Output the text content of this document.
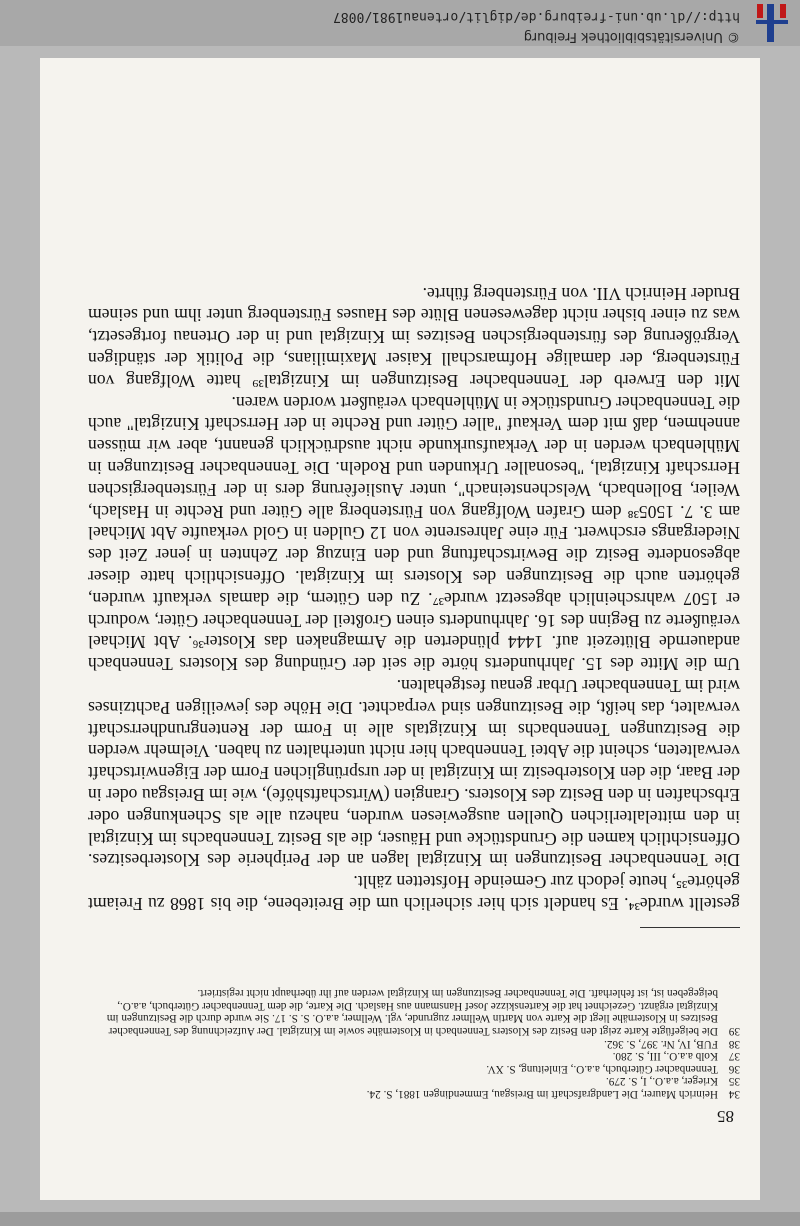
gestellt wurde³⁴. Es handelt sich hier sicherlich um die Breitebene, die bis 1868 zu Freiamt gehörte³⁵, heute jedoch zur Gemeinde Hofstetten zählt.

Die Tennenbacher Besitzungen im Kinzigtal lagen an der Peripherie des Klosterbesitzes. Offensichtlich kamen die Grundstücke und Häuser, die als Besitz Tennenbachs im Kinzigtal in den mittelalterlichen Quellen ausgewiesen wurden, nahezu alle als Schenkungen oder Erbschaften in den Besitz des Klosters. Grangien (Wirtschaftshöfe), wie im Breisgau oder in der Baar, die den Klosterbesitz im Kinzigtal in der ursprünglichen Form der Eigenwirtschaft verwalteten, scheint die Abtei Tennenbach hier nicht unterhalten zu haben. Vielmehr werden die Besitzungen Tennenbachs im Kinzigtals alle in Form der Rentengrundherrschaft verwaltet, das heißt, die Besitzungen sind verpachtet. Die Höhe des jeweiligen Pachtzinses wird im Tennenbacher Urbar genau festgehalten.

Um die Mitte des 15. Jahrhunderts hörte die seit der Gründung des Klosters Tennenbach andauernde Blütezeit auf. 1444 plünderten die Armagnaken das Kloster³⁶. Abt Michael veräußerte zu Beginn des 16. Jahrhunderts einen Großteil der Tennenbacher Güter, wodurch er 1507 wahrscheinlich abgesetzt wurde³⁷. Zu den Gütern, die damals verkauft wurden, gehörten auch die Besitzungen des Klosters im Kinzigtal. Offensichtlich hatte dieser abgesonderte Besitz die Bewirtschaftung und den Einzug der Zehnten in jener Zeit des Niedergangs erschwert. Für eine Jahresrente von 12 Gulden in Gold verkaufte Abt Michael am 3. 7. 1505³⁸ dem Grafen Wolfgang von Fürstenberg alle Güter und Rechte in Haslach, Weiler, Bollenbach, Welschensteinach", unter Ausliefèrung ders in der Fürstenbergischen Herrschaft Kinzigtal, "besonaller Urkunden und Rodeln. Die Tennenbacher Besitzungen in Mühlenbach werden in der Verkaufsurkunde nicht ausdrücklich genannt, aber wir müssen annehmen, daß mit dem Verkauf "aller Güter und Rechte in der Herrschaft Kinzigtal" auch die Tennenbacher Grundstücke in Mühlenbach veräußert worden waren.

Mit den Erwerb der Tennenbacher Besitzungen im Kinzigtal³⁹ hatte Wolfgang von Fürstenberg, der damalige Hofmarschall Kaiser Maximilians, die Politik der ständigen Vergrößerung des fürstenbergischen Besitzes im Kinzigtal und in der Ortenau fortgesetzt, was zu einer bisher nicht dagewesenen Blüte des Hauses Fürstenberg unter ihm und seinem Bruder Heinrich VII. von Fürstenberg führte.

34
Heinrich Maurer, Die Landgrafschaft im Breisgau, Emmendingen 1881, S. 24.
35
Krieger, a.a.O., I, S. 279.
36
Tennenbacher Güterbuch, a.a.O., Einleitung, S. XV.
37
Kolb a.a.O., III, S. 280.
38
FUB, IV, Nr. 397, S. 362.
39
Die beigefügte Karte zeigt den Besitz des Klosters Tennenbach in Klosternähe sowie im Kinzigtal. Der Aufzeichnung des Tennenbacher Besitzes in Klosternähe liegt die Karte von Martin Wellmer zugrunde, vgl. Wellmer, a.a.O. S. S. 17. Sie wurde durch die Besitzungen im Kinzigtal ergänzt. Gezeichnet hat die Kartenskizze Josef Hansmann aus Haslach. Die Karte, die dem Tennenbacher Güterbuch, a.a.O., beigegeben ist, ist fehlerhaft. Die Tennenbacher Besitzungen im Kinzigtal werden auf ihr überhaupt nicht registriert.
85
http://dl.ub.uni-freiburg.de/diglit/ortenau1981/0087
© Universitätsbibliothek Freiburg
